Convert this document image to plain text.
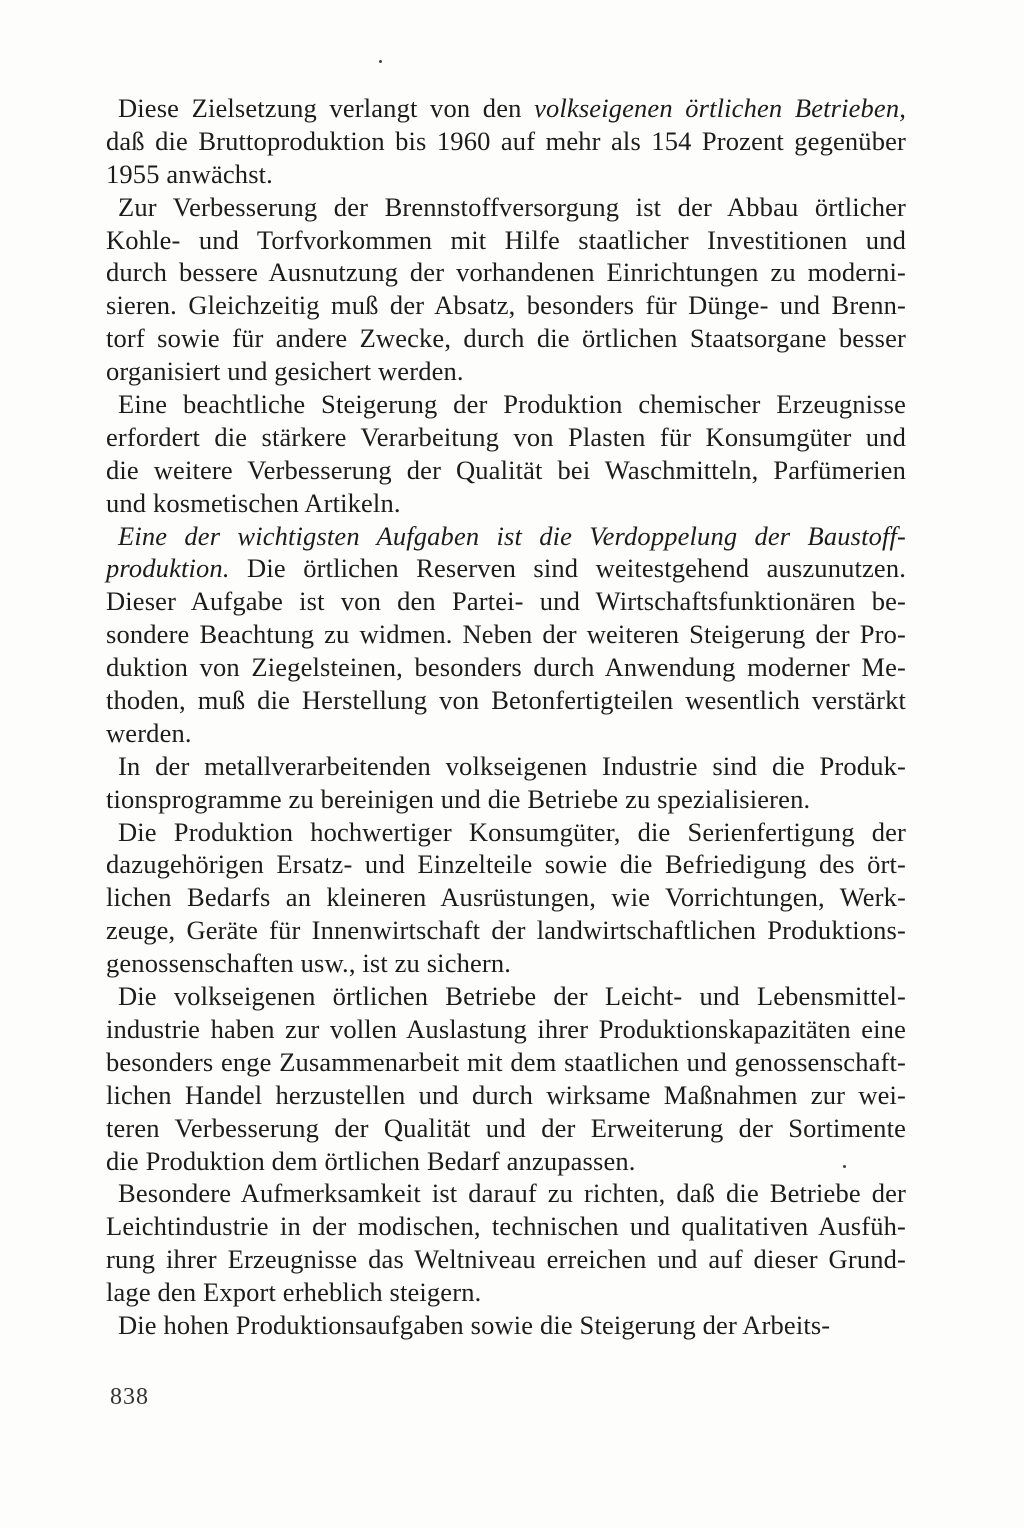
Diese Zielsetzung verlangt von den volkseigenen örtlichen Betrieben,
daß die Bruttoproduktion bis 1960 auf mehr als 154 Prozent gegenüber
1955 anwächst.
Zur Verbesserung der Brennstoffversorgung ist der Abbau örtlicher
Kohle- und Torfvorkommen mit Hilfe staatlicher Investitionen und
durch bessere Ausnutzung der vorhandenen Einrichtungen zu moderni-
sieren. Gleichzeitig muß der Absatz, besonders für Dünge- und Brenn-
torf sowie für andere Zwecke, durch die örtlichen Staatsorgane besser
organisiert und gesichert werden.
Eine beachtliche Steigerung der Produktion chemischer Erzeugnisse
erfordert die stärkere Verarbeitung von Plasten für Konsumgüter und
die weitere Verbesserung der Qualität bei Waschmitteln, Parfümerien
und kosmetischen Artikeln.
Eine der wichtigsten Aufgaben ist die Verdoppelung der Baustoff-
produktion. Die örtlichen Reserven sind weitestgehend auszunutzen.
Dieser Aufgabe ist von den Partei- und Wirtschaftsfunktionären be-
sondere Beachtung zu widmen. Neben der weiteren Steigerung der Pro-
duktion von Ziegelsteinen, besonders durch Anwendung moderner Me-
thoden, muß die Herstellung von Betonfertigteilen wesentlich verstärkt
werden.
In der metallverarbeitenden volkseigenen Industrie sind die Produk-
tionsprogramme zu bereinigen und die Betriebe zu spezialisieren.
Die Produktion hochwertiger Konsumgüter, die Serienfertigung der
dazugehörigen Ersatz- und Einzelteile sowie die Befriedigung des ört-
lichen Bedarfs an kleineren Ausrüstungen, wie Vorrichtungen, Werk-
zeuge, Geräte für Innenwirtschaft der landwirtschaftlichen Produktions-
genossenschaften usw., ist zu sichern.
Die volkseigenen örtlichen Betriebe der Leicht- und Lebensmittel-
industrie haben zur vollen Auslastung ihrer Produktionskapazitäten eine
besonders enge Zusammenarbeit mit dem staatlichen und genossenschaft-
lichen Handel herzustellen und durch wirksame Maßnahmen zur wei-
teren Verbesserung der Qualität und der Erweiterung der Sortimente
die Produktion dem örtlichen Bedarf anzupassen.
Besondere Aufmerksamkeit ist darauf zu richten, daß die Betriebe der
Leichtindustrie in der modischen, technischen und qualitativen Ausfüh-
rung ihrer Erzeugnisse das Weltniveau erreichen und auf dieser Grund-
lage den Export erheblich steigern.
Die hohen Produktionsaufgaben sowie die Steigerung der Arbeits-
838
